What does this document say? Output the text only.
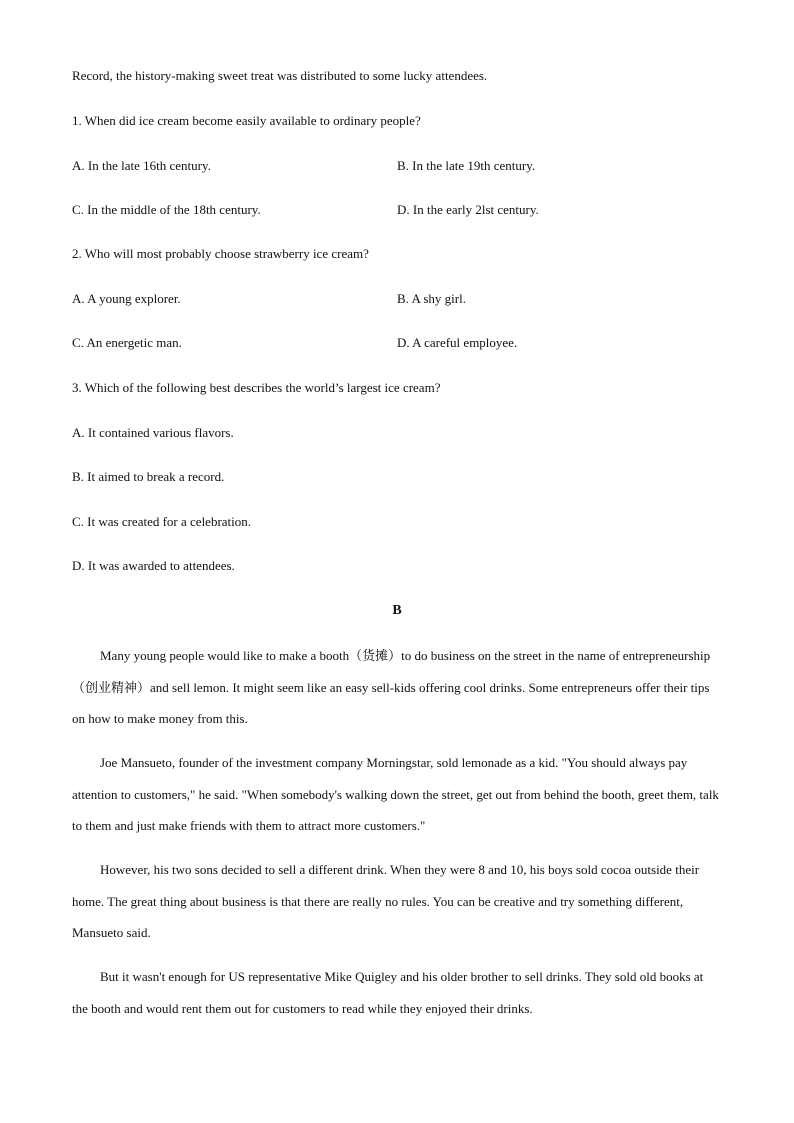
Record, the history-making sweet treat was distributed to some lucky attendees.
1. When did ice cream become easily available to ordinary people?
A. In the late 16th century.	B. In the late 19th century.
C. In the middle of the 18th century.	D. In the early 2lst century.
2. Who will most probably choose strawberry ice cream?
A. A young explorer.	B. A shy girl.
C. An energetic man.	D. A careful employee.
3. Which of the following best describes the world’s largest ice cream?
A. It contained various flavors.
B. It aimed to break a record.
C. It was created for a celebration.
D. It was awarded to attendees.
B
Many young people would like to make a booth（货摊）to do business on the street in the name of entrepreneurship（创业精神）and sell lemon. It might seem like an easy sell-kids offering cool drinks. Some entrepreneurs offer their tips on how to make money from this.
Joe Mansueto, founder of the investment company Morningstar, sold lemonade as a kid. "You should always pay attention to customers," he said. "When somebody's walking down the street, get out from behind the booth, greet them, talk to them and just make friends with them to attract more customers."
However, his two sons decided to sell a different drink. When they were 8 and 10, his boys sold cocoa outside their home. The great thing about business is that there are really no rules. You can be creative and try something different, Mansueto said.
But it wasn't enough for US representative Mike Quigley and his older brother to sell drinks. They sold old books at the booth and would rent them out for customers to read while they enjoyed their drinks.
